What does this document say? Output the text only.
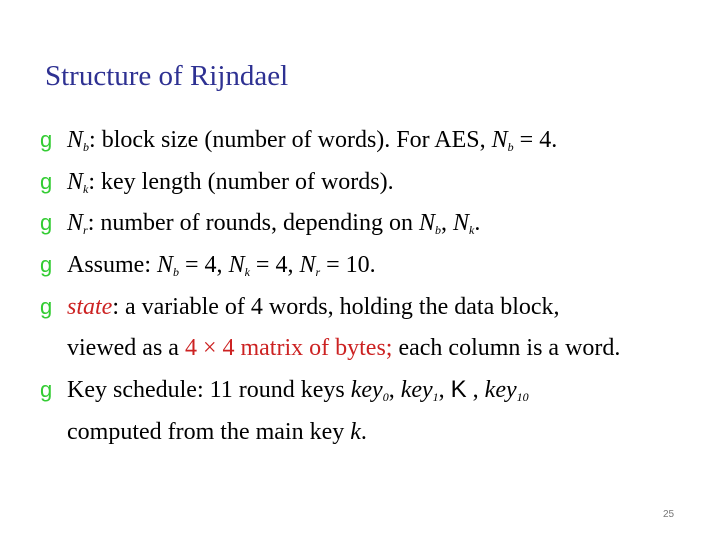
Structure of Rijndael
g $N_b$: block size (number of words). For AES, $N_b = 4$.
g $N_k$: key length (number of words).
g $N_r$: number of rounds, depending on $N_b$, $N_k$.
g Assume: $N_b = 4$, $N_k = 4$, $N_r = 10$.
g state: a variable of 4 words, holding the data block,
viewed as a 4 × 4 matrix of bytes; each column is a word.
g Key schedule: 11 round keys key$_0$, key$_1$, K , key$_{10}$
computed from the main key k.
25
